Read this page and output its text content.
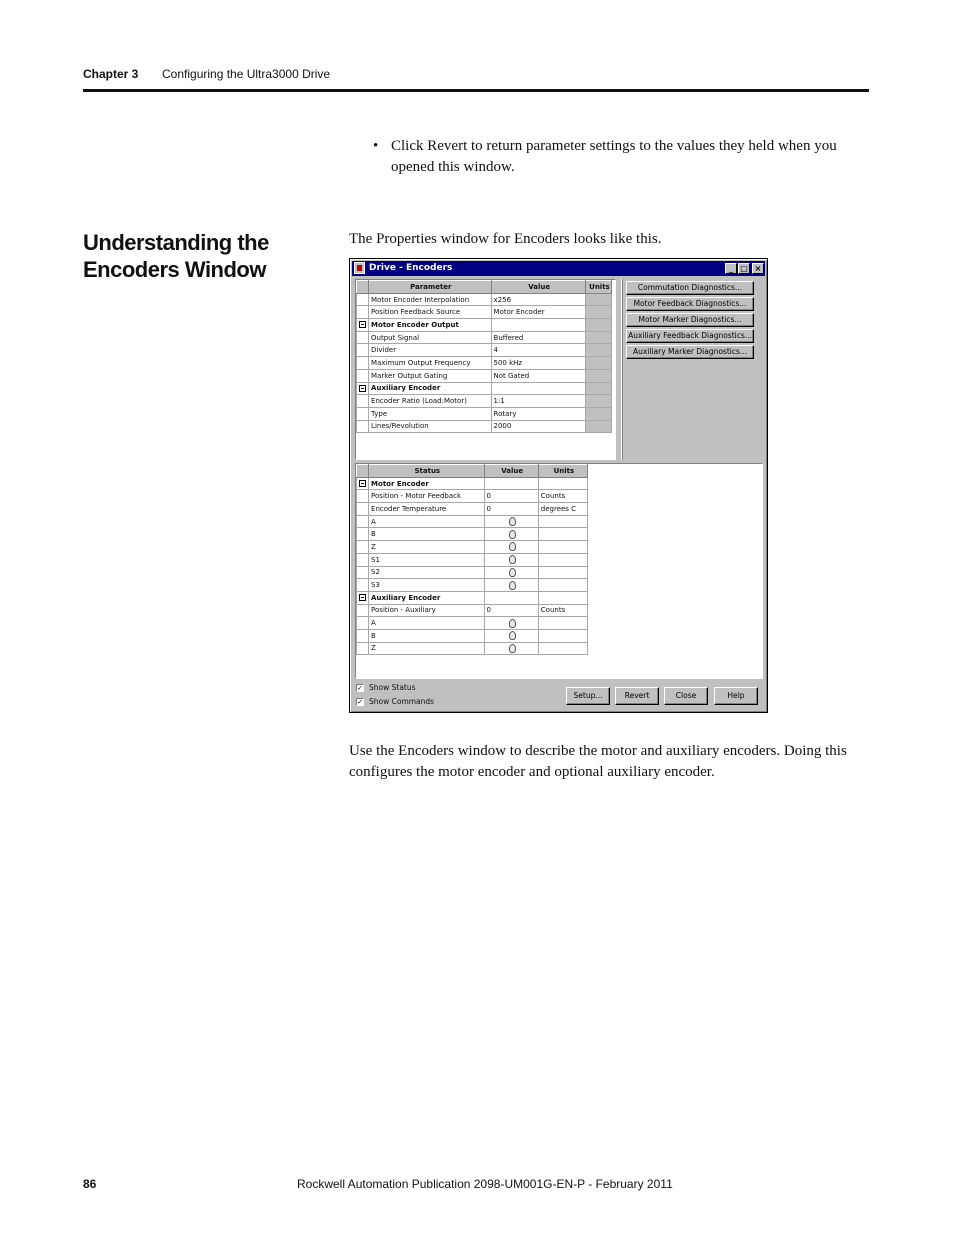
Chapter 3 Configuring the Ultra3000 Drive
• Click Revert to return parameter settings to the values they held when you opened this window.
Understanding the Encoders Window
The Properties window for Encoders looks like this.
Drive - Encoders	_ □ ×
	Parameter	Value	Units
	Motor Encoder Interpolation	x256	
	Position Feedback Source	Motor Encoder	
	Motor Encoder Output		
	Output Signal	Buffered	
	Divider	4	
	Maximum Output Frequency	500 kHz	
	Marker Output Gating	Not Gated	
	Auxiliary Encoder		
	Encoder Ratio (Load:Motor)	1:1	
	Type	Rotary	
	Lines/Revolution	2000	
Commutation Diagnostics...
Motor Feedback Diagnostics...
Motor Marker Diagnostics...
Auxiliary Feedback Diagnostics...
Auxiliary Marker Diagnostics...
	Status	Value	Units
	Motor Encoder		
	Position - Motor Feedback	0	Counts
	Encoder Temperature	0	degrees C
	A		
	B		
	Z		
	S1		
	S2		
	S3		
	Auxiliary Encoder		
	Position - Auxiliary	0	Counts
	A		
	B		
	Z		
✓ Show Status
✓ Show Commands
Setup...	Revert	Close	Help
Use the Encoders window to describe the motor and auxiliary encoders. Doing this configures the motor encoder and optional auxiliary encoder.
86	Rockwell Automation Publication 2098-UM001G-EN-P - February 2011
